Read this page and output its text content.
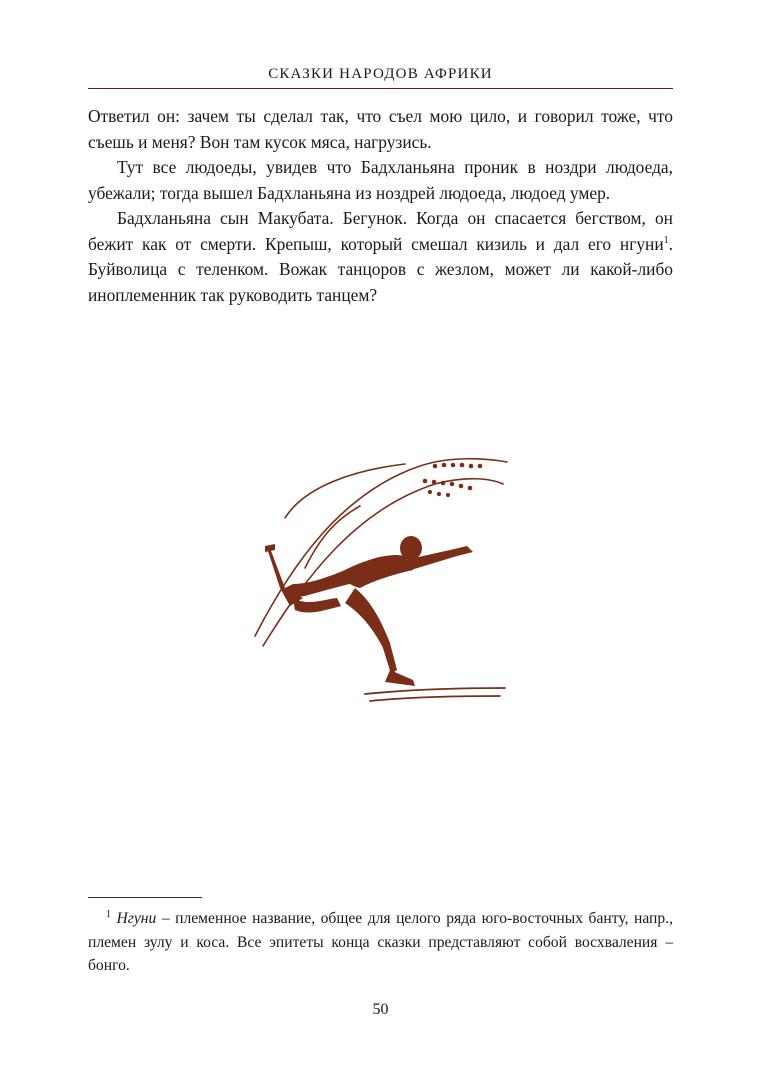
СКАЗКИ НАРОДОВ АФРИКИ

Ответил он: зачем ты сделал так, что съел мою цило, и говорил тоже, что съешь и меня? Вон там кусок мяса, нагрузись.

Тут все людоеды, увидев что Бадхланьяна проник в ноздри людоеда, убежали; тогда вышел Бадхланьяна из ноздрей людоеда, людоед умер.

Бадхланьяна сын Макубата. Бегунок. Когда он спасается бегством, он бежит как от смерти. Крепыш, который смешал кизиль и дал его нгуни$^1$. Буйволица с теленком. Вожак танцоров с жезлом, может ли какой-либо иноплеменник так руководить танцем?

$^1$ Нгуни – племенное название, общее для целого ряда юго-восточных банту, напр., племен зулу и коса. Все эпитеты конца сказки представляют собой восхваления – бонго.
50
